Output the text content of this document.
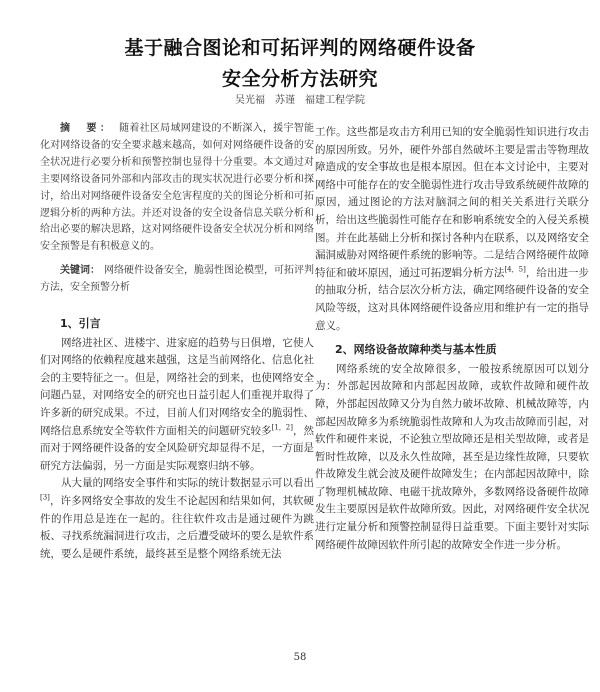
基于融合图论和可拓评判的网络硬件设备
安全分析方法研究
吴光福　苏谨　福建工程学院

摘　要： 随着社区局域网建设的不断深入，援宇智能化对网络设备的安全要求越来越高，如何对网络硬件设备的安全状况进行必要分析和预警控制也显得十分重要。本文通过对主要网络设备同外部和内部攻击的现实状况进行必要分析和探讨，给出对网络硬件设备安全危害程度的关的图论分析和可拓逻辑分析的两种方法。并还对设备的安全设备信息关联分析和给出必要的解决思路，这对网络硬件设备安全状况分析和网络安全预警是有积极意义的。

关键词： 网络硬件设备安全，脆弱性图论模型，可拓评判方法，安全预警分析

1、引言

网络进社区、进楼宇、进家庭的趋势与日俱增，它使人们对网络的依赖程度越来越强，这是当前网络化、信息化社会的主要特征之一。但是，网络社会的到来，也使网络安全问题凸显，对网络安全的研究也日益引起人们重视并取得了许多新的研究成果。不过，目前人们对网络安全的脆弱性、网络信息系统安全等软件方面相关的问题研究较多[1，2]，然而对于网络硬件设备的安全风险研究却显得不足，一方面是研究方法偏弱，另一方面是实际观察归纳不够。

从大量的网络安全事件和实际的统计数据显示可以看出[3]，许多网络安全事故的发生不论起因和结果如何，其软硬件的作用总是连在一起的。往往软件攻击是通过硬件为跳板、寻找系统漏洞进行攻击，之后遭受破坏的要么是软件系统，要么是硬件系统，最终甚至是整个网络系统无法

工作。这些都是攻击方利用已知的安全脆弱性知识进行攻击的原因所致。另外，硬件外部自然破坏主要是雷击等物理故障造成的安全事故也是根本原因。但在本文讨论中，主要对网络中可能存在的安全脆弱性进行攻击导致系统硬件故障的原因，通过图论的方法对脑洞之间的相关关系进行关联分析，给出这些脆弱性可能存在和影响系统安全的入侵关系模图。并在此基础上分析和探讨各种内在联系，以及网络安全漏洞威胁对网络硬件系统的影响等。二是结合网络硬件故障特征和破坏原因，通过可拓逻辑分析方法[4，5]，给出进一步的抽取分析，结合层次分析方法，确定网络硬件设备的安全风险等级，这对具体网络硬件设备应用和维护有一定的指导意义。

2、网络设备故障种类与基本性质

网络系统的安全故障很多，一般按系统原因可以划分为：外部起因故障和内部起因故障，或软件故障和硬件故障，外部起因故障又分为自然力破坏故障、机械故障等，内部起因故障多为系统脆弱性故障和人为攻击故障而引起，对软件和硬件来说，不论独立型故障还是相关型故障，或者是暂时性故障，以及永久性故障，甚至是边缘性故障，只要软件故障发生就会波及硬件故障发生；在内部起因故障中，除了物理机械故障、电磁干扰故障外，多数网络设备硬件故障发生主要原因是软件故障所致。因此，对网络硬件安全状况进行定量分析和预警控制显得日益重要。下面主要针对实际网络硬件故障因软件所引起的故障安全作进一步分析。

58
